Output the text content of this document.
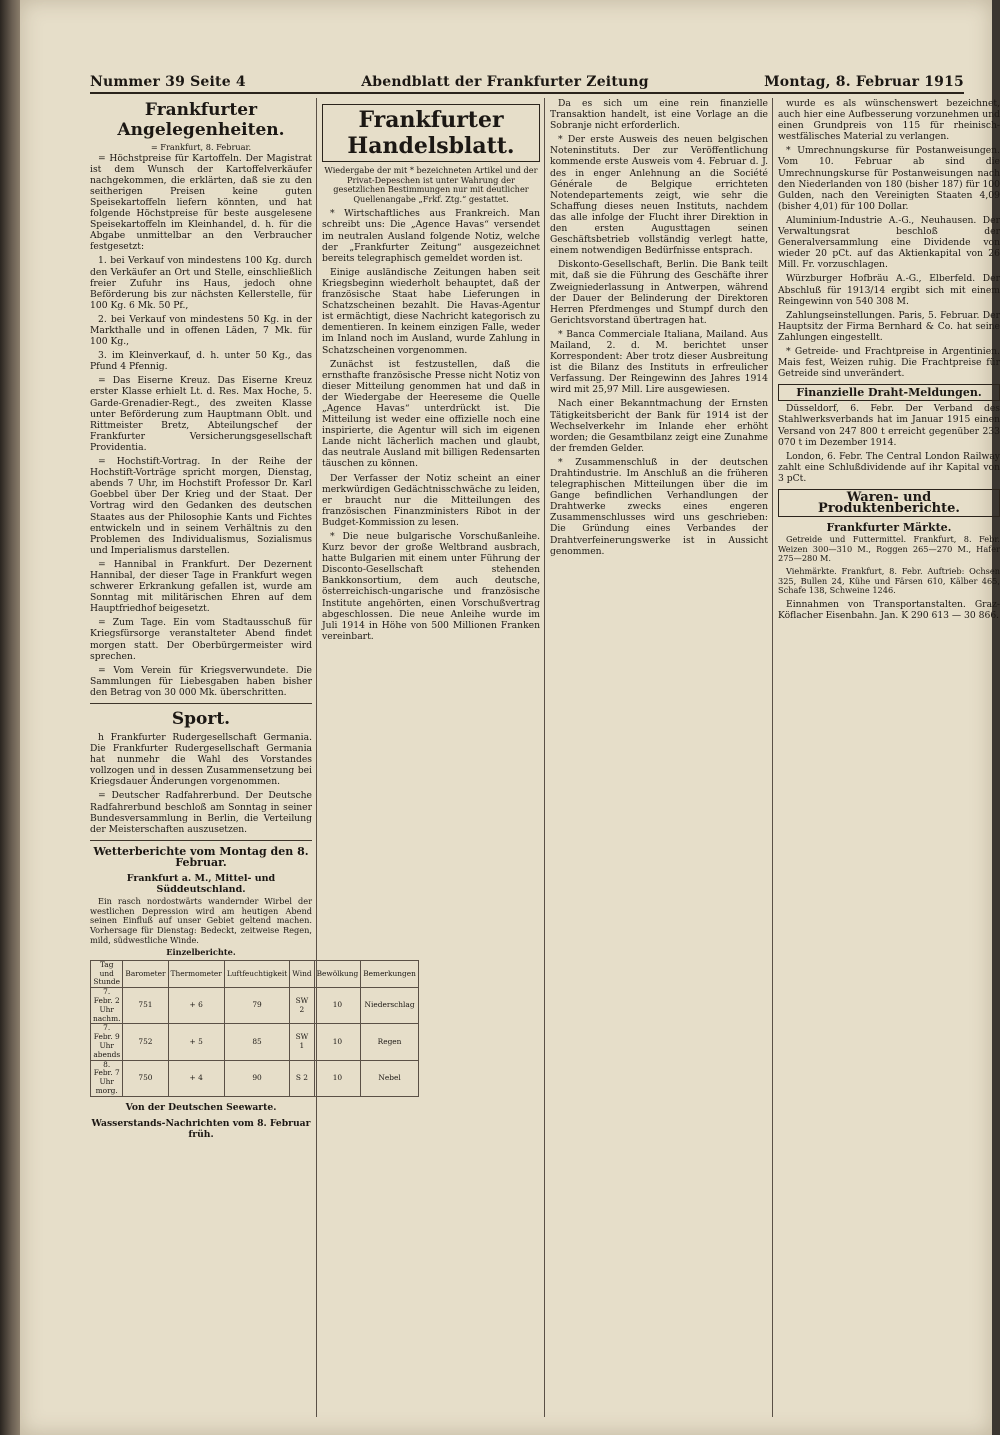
Nummer 39 Seite 4	Abendblatt der Frankfurter Zeitung	Montag, 8. Februar 1915
Frankfurter Angelegenheiten.
= Frankfurt, 8. Februar.

= Höchstpreise für Kartoffeln. Der Magistrat ist dem Wunsch der Kartoffelverkäufer nachgekommen, die erklärten, daß sie zu den seitherigen Preisen keine guten Speisekartoffeln liefern könnten, und hat folgende Höchstpreise für beste ausgelesene Speisekartoffeln im Kleinhandel, d. h. für die Abgabe unmittelbar an den Verbraucher festgesetzt:

1. bei Verkauf von mindestens 100 Kg. durch den Verkäufer an Ort und Stelle, einschließlich freier Zufuhr ins Haus, jedoch ohne Beförderung bis zur nächsten Kellerstelle, für 100 Kg. 6 Mk. 50 Pf.,

2. bei Verkauf von mindestens 50 Kg. in der Markthalle und in offenen Läden, 7 Mk. für 100 Kg.,

3. im Kleinverkauf, d. h. unter 50 Kg., das Pfund 4 Pfennig.

= Das Eiserne Kreuz. Das Eiserne Kreuz erster Klasse erhielt Lt. d. Res. Max Hoche, 5. Garde-Grenadier-Regt., des zweiten Klasse unter Beförderung zum Hauptmann Oblt. und Rittmeister Bretz, Abteilungschef der Frankfurter Versicherungsgesellschaft Providentia.

= Hochstift-Vortrag. In der Reihe der Hochstift-Vorträge spricht morgen, Dienstag, abends 7 Uhr, im Hochstift Professor Dr. Karl Goebbel über Der Krieg und der Staat. Der Vortrag wird den Gedanken des deutschen Staates aus der Philosophie Kants und Fichtes entwickeln und in seinem Verhältnis zu den Problemen des Individualismus, Sozialismus und Imperialismus darstellen.

= Hannibal in Frankfurt. Der Dezernent Hannibal, der dieser Tage in Frankfurt wegen schwerer Erkrankung gefallen ist, wurde am Sonntag mit militärischen Ehren auf dem Hauptfriedhof beigesetzt.

= Zum Tage. Ein vom Stadtausschuß für Kriegsfürsorge veranstalteter Abend findet morgen statt. Der Oberbürgermeister wird sprechen.

= Vom Verein für Kriegsverwundete. Die Sammlungen für Liebesgaben haben bisher den Betrag von 30 000 Mk. überschritten.

Sport.

h Frankfurter Rudergesellschaft Germania. Die Frankfurter Rudergesellschaft Germania hat nunmehr die Wahl des Vorstandes vollzogen und in dessen Zusammensetzung bei Kriegsdauer Änderungen vorgenommen.

= Deutscher Radfahrerbund. Der Deutsche Radfahrerbund beschloß am Sonntag in seiner Bundesversammlung in Berlin, die Verteilung der Meisterschaften auszusetzen.

Wetterberichte vom Montag den 8. Februar.
Frankfurt a. M., Mittel- und Süddeutschland.

Ein rasch nordostwärts wandernder Wirbel der westlichen Depression wird am heutigen Abend seinen Einfluß auf unser Gebiet geltend machen. Vorhersage für Dienstag: Bedeckt, zeitweise Regen, mild, südwestliche Winde.

Einzelberichte.
Tag und Stunde	Barometer	Thermometer	Luftfeuchtigkeit	Wind	Bewölkung	Bemerkungen
7. Febr. 2 Uhr nachm.	751	+ 6	79	SW 2	10	Niederschlag
7. Febr. 9 Uhr abends	752	+ 5	85	SW 1	10	Regen
8. Febr. 7 Uhr morg.	750	+ 4	90	S 2	10	Nebel
Von der Deutschen Seewarte.
Wasserstands-Nachrichten vom 8. Februar früh.
Frankfurter Handelsblatt.
Wiedergabe der mit * bezeichneten Artikel und der Privat-Depeschen ist unter Wahrung der gesetzlichen Bestimmungen nur mit deutlicher Quellenangabe „Frkf. Ztg.“ gestattet.

* Wirtschaftliches aus Frankreich. Man schreibt uns: Die „Agence Havas“ versendet im neutralen Ausland folgende Notiz, welche der „Frankfurter Zeitung“ ausgezeichnet bereits telegraphisch gemeldet worden ist.

Einige ausländische Zeitungen haben seit Kriegsbeginn wiederholt behauptet, daß der französische Staat habe Lieferungen in Schatzscheinen bezahlt. Die Havas-Agentur ist ermächtigt, diese Nachricht kategorisch zu dementieren. In keinem einzigen Falle, weder im Inland noch im Ausland, wurde Zahlung in Schatzscheinen vorgenommen.

Zunächst ist festzustellen, daß die ernsthafte französische Presse nicht Notiz von dieser Mitteilung genommen hat und daß in der Wiedergabe der Heereseme die Quelle „Agence Havas“ unterdrückt ist. Die Mitteilung ist weder eine offizielle noch eine inspirierte, die Agentur will sich im eigenen Lande nicht lächerlich machen und glaubt, das neutrale Ausland mit billigen Redensarten täuschen zu können.

Der Verfasser der Notiz scheint an einer merkwürdigen Gedächtnisschwäche zu leiden, er braucht nur die Mitteilungen des französischen Finanzministers Ribot in der Budget-Kommission zu lesen.

* Die neue bulgarische Vorschußanleihe. Kurz bevor der große Weltbrand ausbrach, hatte Bulgarien mit einem unter Führung der Disconto-Gesellschaft stehenden Bankkonsortium, dem auch deutsche, österreichisch-ungarische und französische Institute angehörten, einen Vorschußvertrag abgeschlossen. Die neue Anleihe wurde im Juli 1914 in Höhe von 500 Millionen Franken vereinbart.

Da es sich um eine rein finanzielle Transaktion handelt, ist eine Vorlage an die Sobranje nicht erforderlich.

* Der erste Ausweis des neuen belgischen Noteninstituts. Der zur Veröffentlichung kommende erste Ausweis vom 4. Februar d. J. des in enger Anlehnung an die Société Générale de Belgique errichteten Notendepartements zeigt, wie sehr die Schaffung dieses neuen Instituts, nachdem das alle infolge der Flucht ihrer Direktion in den ersten Augusttagen seinen Geschäftsbetrieb vollständig verlegt hatte, einem notwendigen Bedürfnisse entsprach.

Diskonto-Gesellschaft, Berlin. Die Bank teilt mit, daß sie die Führung des Geschäfte ihrer Zweigniederlassung in Antwerpen, während der Dauer der Belinderung der Direktoren Herren Pferdmenges und Stumpf durch den Gerichtsvorstand übertragen hat.

* Banca Commerciale Italiana, Mailand. Aus Mailand, 2. d. M. berichtet unser Korrespondent: Aber trotz dieser Ausbreitung ist die Bilanz des Instituts in erfreulicher Verfassung. Der Reingewinn des Jahres 1914 wird mit 25,97 Mill. Lire ausgewiesen.

Nach einer Bekanntmachung der Ernsten Tätigkeitsbericht der Bank für 1914 ist der Wechselverkehr im Inlande eher erhöht worden; die Gesamtbilanz zeigt eine Zunahme der fremden Gelder.

* Zusammenschluß in der deutschen Drahtindustrie. Im Anschluß an die früheren telegraphischen Mitteilungen über die im Gange befindlichen Verhandlungen der Drahtwerke zwecks eines engeren Zusammenschlusses wird uns geschrieben: Die Gründung eines Verbandes der Drahtverfeinerungswerke ist in Aussicht genommen.

wurde es als wünschenswert bezeichnet, auch hier eine Aufbesserung vorzunehmen und einen Grundpreis von 115 für rheinisch-westfälisches Material zu verlangen.

* Umrechnungskurse für Postanweisungen. Vom 10. Februar ab sind die Umrechnungskurse für Postanweisungen nach den Niederlanden von 180 (bisher 187) für 100 Gulden, nach den Vereinigten Staaten 4,09 (bisher 4,01) für 100 Dollar.

Aluminium-Industrie A.-G., Neuhausen. Der Verwaltungsrat beschloß der Generalversammlung eine Dividende von wieder 20 pCt. auf das Aktienkapital von 26 Mill. Fr. vorzuschlagen.

Würzburger Hofbräu A.-G., Elberfeld. Der Abschluß für 1913/14 ergibt sich mit einem Reingewinn von 540 308 M.

Zahlungseinstellungen. Paris, 5. Februar. Der Hauptsitz der Firma Bernhard & Co. hat seine Zahlungen eingestellt.

* Getreide- und Frachtpreise in Argentinien. Mais fest, Weizen ruhig. Die Frachtpreise für Getreide sind unverändert.

Finanzielle Draht-Meldungen.

Düsseldorf, 6. Febr. Der Verband des Stahlwerksverbands hat im Januar 1915 einen Versand von 247 800 t erreicht gegenüber 233 070 t im Dezember 1914.

London, 6. Febr. The Central London Railway zahlt eine Schlußdividende auf ihr Kapital von 3 pCt.

Waren- und Produktenberichte.
Frankfurter Märkte.

Getreide und Futtermittel. Frankfurt, 8. Febr. Weizen 300—310 M., Roggen 265—270 M., Hafer 275—280 M.

Viehmärkte. Frankfurt, 8. Febr. Auftrieb: Ochsen 325, Bullen 24, Kühe und Färsen 610, Kälber 465, Schafe 138, Schweine 1246.

Einnahmen von Transportanstalten. Graz-Köflacher Eisenbahn. Jan. K 290 613 — 30 866.
